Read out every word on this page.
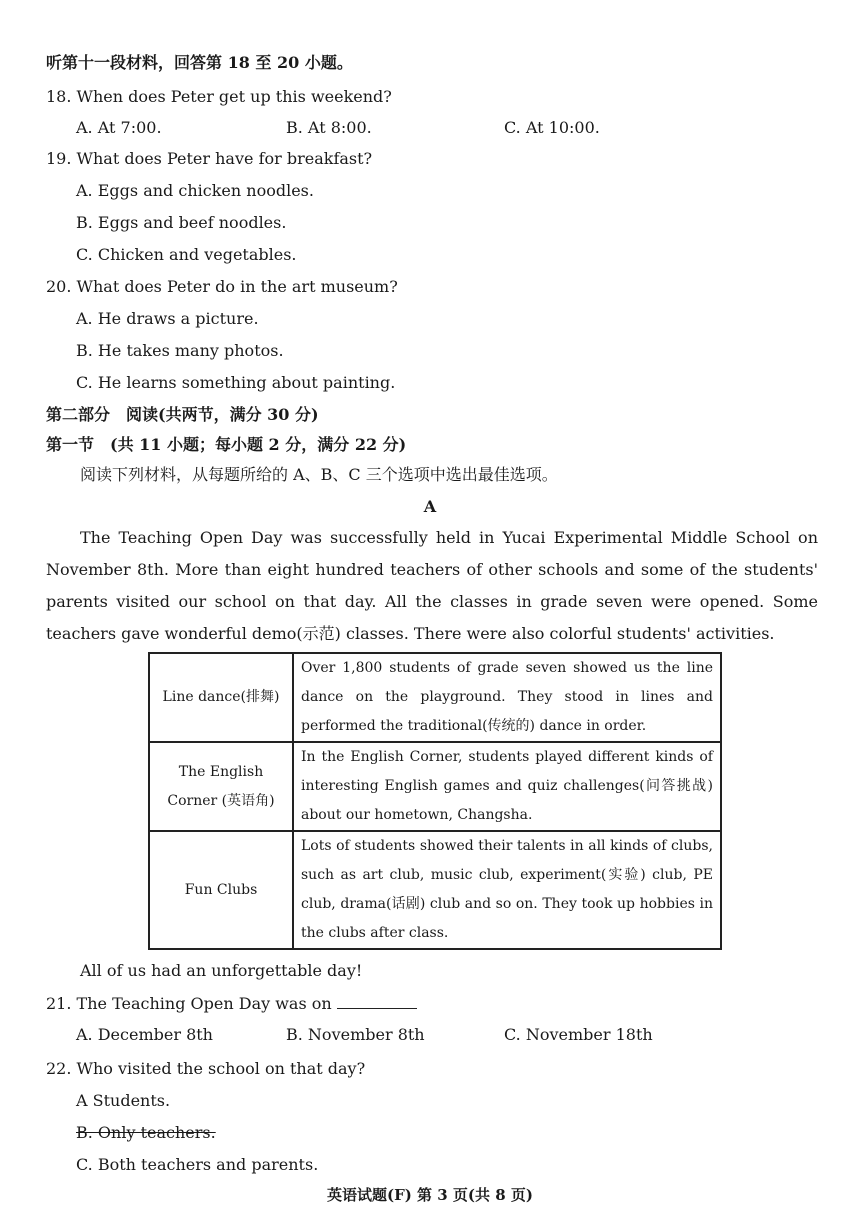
听第十一段材料，回答第 18 至 20 小题。
18. When does Peter get up this weekend?
A. At 7:00.	B. At 8:00.	C. At 10:00.
19. What does Peter have for breakfast?
A. Eggs and chicken noodles.
B. Eggs and beef noodles.
C. Chicken and vegetables.
20. What does Peter do in the art museum?
A. He draws a picture.
B. He takes many photos.
C. He learns something about painting.
第二部分　阅读(共两节，满分 30 分)
第一节　(共 11 小题；每小题 2 分，满分 22 分)
阅读下列材料，从每题所给的 A、B、C 三个选项中选出最佳选项。
A
The Teaching Open Day was successfully held in Yucai Experimental Middle School on November 8th. More than eight hundred teachers of other schools and some of the students' parents visited our school on that day. All the classes in grade seven were opened. Some teachers gave wonderful demo(示范) classes. There were also colorful students' activities.
Line dance(排舞)	Over 1,800 students of grade seven showed us the line dance on the playground. They stood in lines and performed the traditional(传统的) dance in order.
The English Corner (英语角)	In the English Corner, students played different kinds of interesting English games and quiz challenges(问答挑战) about our hometown, Changsha.
Fun Clubs	Lots of students showed their talents in all kinds of clubs, such as art club, music club, experiment(实验) club, PE club, drama(话剧) club and so on. They took up hobbies in the clubs after class.
All of us had an unforgettable day!
21. The Teaching Open Day was on
A. December 8th	B. November 8th	C. November 18th
22. Who visited the school on that day?
A Students.
B. Only teachers.
C. Both teachers and parents.
英语试题(F) 第 3 页(共 8 页)
